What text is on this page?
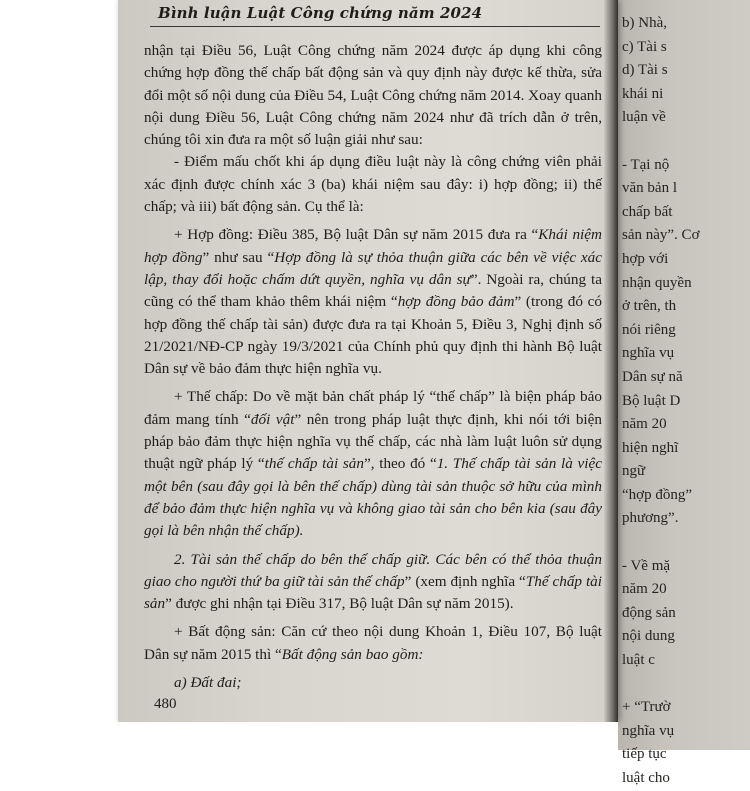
b) Nhà,
c) Tài s
d) Tài s
khái ni
luận về
- Tại nộ
văn bản l
chấp bất
sản này”. Cơ
hợp với
nhận quyền
ở trên, th
nói riêng
nghĩa vụ
Dân sự nă
Bộ luật D
năm 20
hiện nghĩ
ngữ
“hợp đồng”
phương”.
- Về mặ
năm 20
động sản
nội dung
luật c
+ “Trườ
nghĩa vụ
tiếp tục
luật cho
Bình luận Luật Công chứng năm 2024

nhận tại Điều 56, Luật Công chứng năm 2024 được áp dụng khi công chứng hợp đồng thế chấp bất động sản và quy định này được kế thừa, sửa đổi một số nội dung của Điều 54, Luật Công chứng năm 2014. Xoay quanh nội dung Điều 56, Luật Công chứng năm 2024 như đã trích dẫn ở trên, chúng tôi xin đưa ra một số luận giải như sau:

- Điểm mấu chốt khi áp dụng điều luật này là công chứng viên phải xác định được chính xác 3 (ba) khái niệm sau đây: i) hợp đồng; ii) thế chấp; và iii) bất động sản. Cụ thể là:

+ Hợp đồng: Điều 385, Bộ luật Dân sự năm 2015 đưa ra “Khái niệm hợp đồng” như sau “Hợp đồng là sự thỏa thuận giữa các bên về việc xác lập, thay đổi hoặc chấm dứt quyền, nghĩa vụ dân sự”. Ngoài ra, chúng ta cũng có thể tham khảo thêm khái niệm “hợp đồng bảo đảm” (trong đó có hợp đồng thế chấp tài sản) được đưa ra tại Khoản 5, Điều 3, Nghị định số 21/2021/NĐ-CP ngày 19/3/2021 của Chính phủ quy định thi hành Bộ luật Dân sự về bảo đảm thực hiện nghĩa vụ.

+ Thế chấp: Do về mặt bản chất pháp lý “thế chấp” là biện pháp bảo đảm mang tính “đối vật” nên trong pháp luật thực định, khi nói tới biện pháp bảo đảm thực hiện nghĩa vụ thế chấp, các nhà làm luật luôn sử dụng thuật ngữ pháp lý “thế chấp tài sản”, theo đó “1. Thế chấp tài sản là việc một bên (sau đây gọi là bên thế chấp) dùng tài sản thuộc sở hữu của mình để bảo đảm thực hiện nghĩa vụ và không giao tài sản cho bên kia (sau đây gọi là bên nhận thế chấp).

2. Tài sản thế chấp do bên thế chấp giữ. Các bên có thể thỏa thuận giao cho người thứ ba giữ tài sản thế chấp” (xem định nghĩa “Thế chấp tài sản” được ghi nhận tại Điều 317, Bộ luật Dân sự năm 2015).

+ Bất động sản: Căn cứ theo nội dung Khoản 1, Điều 107, Bộ luật Dân sự năm 2015 thì “Bất động sản bao gồm:

a) Đất đai;

480
